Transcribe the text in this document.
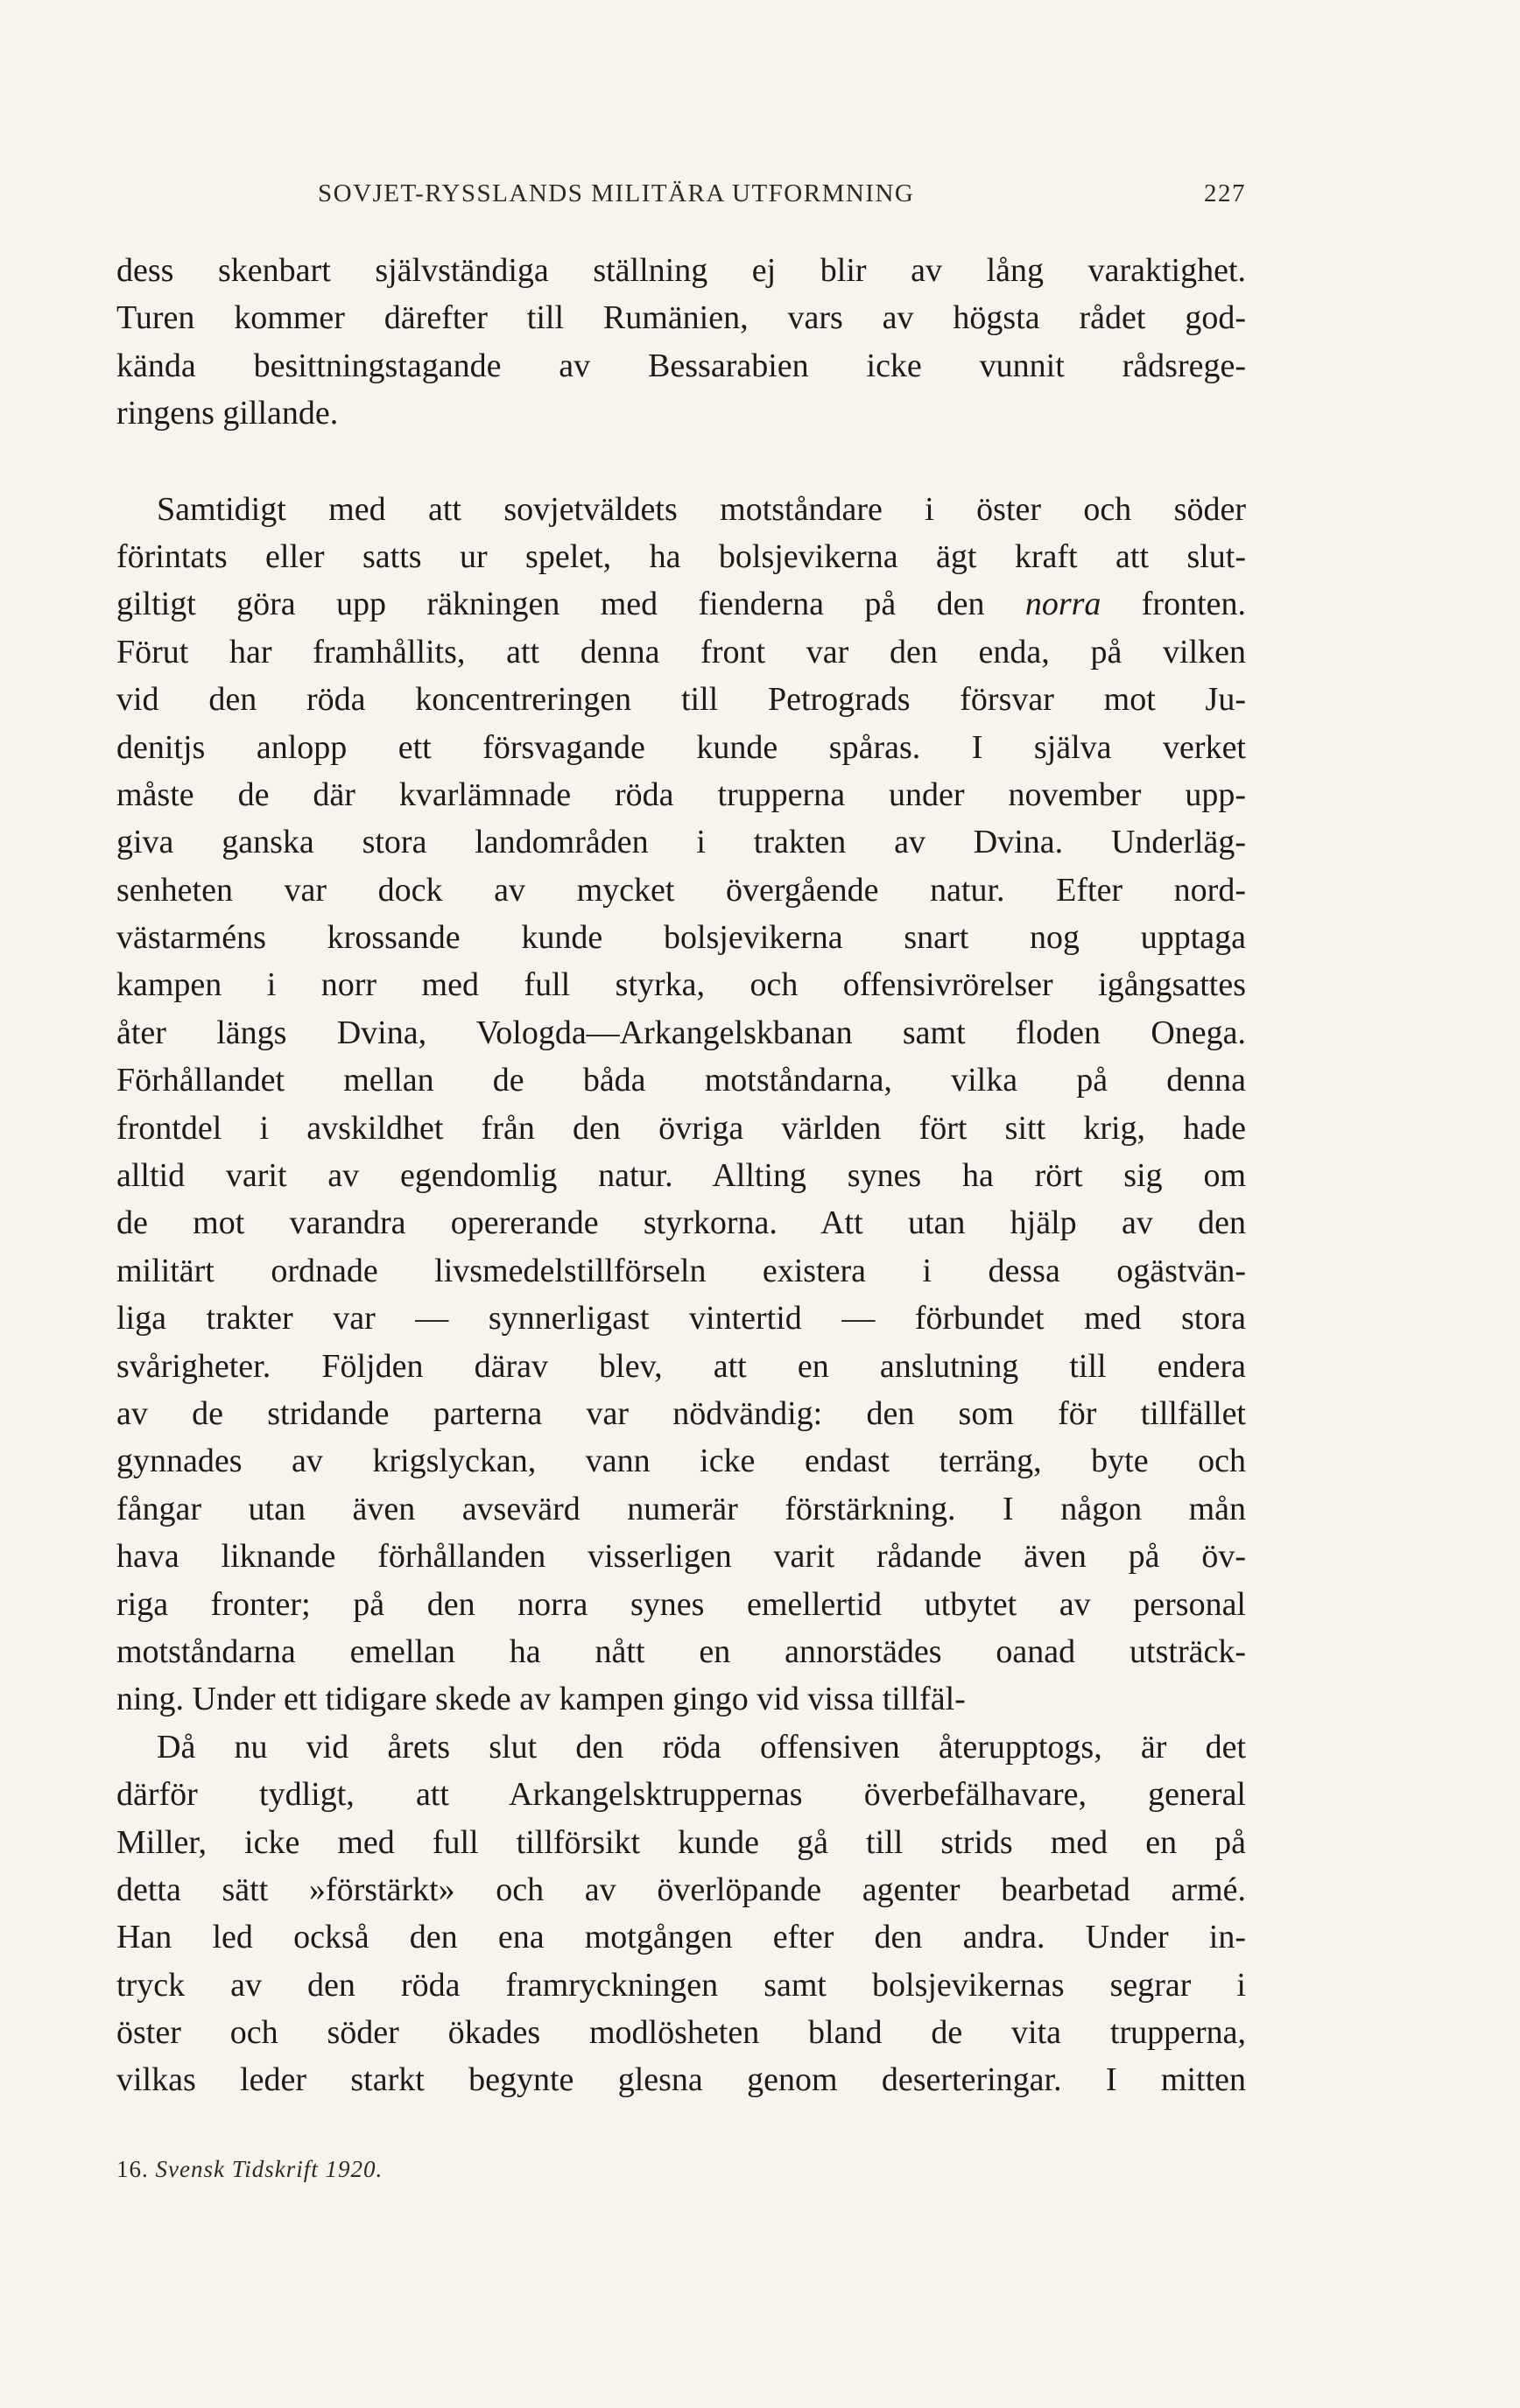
SOVJET-RYSSLANDS MILITÄRA UTFORMNING	227
dess skenbart självständiga ställning ej blir av lång varaktighet.
Turen kommer därefter till Rumänien, vars av högsta rådet god-
kända besittningstagande av Bessarabien icke vunnit rådsrege-
ringens gillande.
Samtidigt med att sovjetväldets motståndare i öster och söder
förintats eller satts ur spelet, ha bolsjevikerna ägt kraft att slut-
giltigt göra upp räkningen med fienderna på den norra fronten.
Förut har framhållits, att denna front var den enda, på vilken
vid den röda koncentreringen till Petrograds försvar mot Ju-
denitjs anlopp ett försvagande kunde spåras. I själva verket
måste de där kvarlämnade röda trupperna under november upp-
giva ganska stora landområden i trakten av Dvina. Underläg-
senheten var dock av mycket övergående natur. Efter nord-
västarméns krossande kunde bolsjevikerna snart nog upptaga
kampen i norr med full styrka, och offensivrörelser igångsattes
åter längs Dvina, Vologda—Arkangelskbanan samt floden Onega.
Förhållandet mellan de båda motståndarna, vilka på denna
frontdel i avskildhet från den övriga världen fört sitt krig, hade
alltid varit av egendomlig natur. Allting synes ha rört sig om
de mot varandra opererande styrkorna. Att utan hjälp av den
militärt ordnade livsmedelstillförseln existera i dessa ogästvän-
liga trakter var — synnerligast vintertid — förbundet med stora
svårigheter. Följden därav blev, att en anslutning till endera
av de stridande parterna var nödvändig: den som för tillfället
gynnades av krigslyckan, vann icke endast terräng, byte och
fångar utan även avsevärd numerär förstärkning. I någon mån
hava liknande förhållanden visserligen varit rådande även på öv-
riga fronter; på den norra synes emellertid utbytet av personal
motståndarna emellan ha nått en annorstädes oanad utsträck-
ning. Under ett tidigare skede av kampen gingo vid vissa tillfäl-
Då nu vid årets slut den röda offensiven återupptogs, är det
därför tydligt, att Arkangelsktruppernas överbefälhavare, general
Miller, icke med full tillförsikt kunde gå till strids med en på
detta sätt »förstärkt» och av överlöpande agenter bearbetad armé.
Han led också den ena motgången efter den andra. Under in-
tryck av den röda framryckningen samt bolsjevikernas segrar i
öster och söder ökades modlösheten bland de vita trupperna,
vilkas leder starkt begynte glesna genom deserteringar. I mitten
16. Svensk Tidskrift 1920.
